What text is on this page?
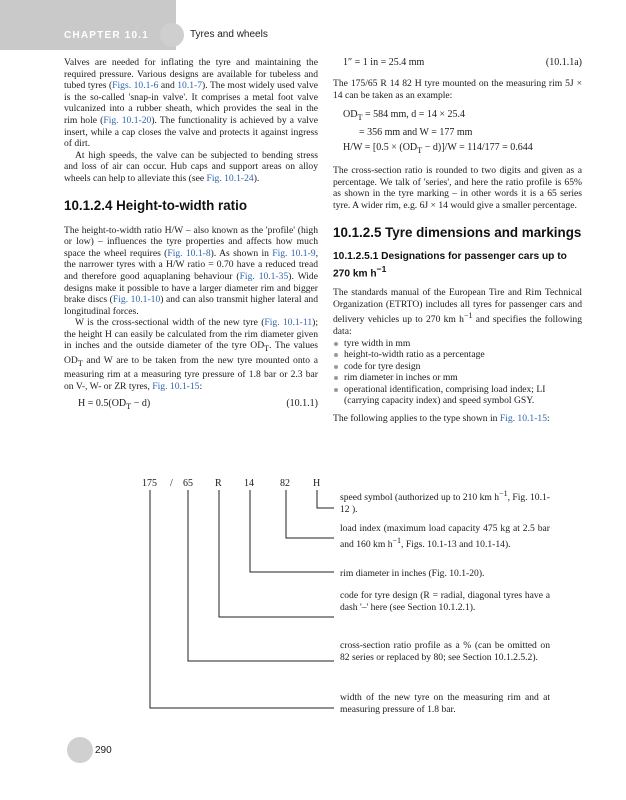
CHAPTER 10.1	Tyres and wheels

Valves are needed for inflating the tyre and maintaining the required pressure. Various designs are available for tubeless and tubed tyres (Figs. 10.1-6 and 10.1-7). The most widely used valve is the so-called 'snap-in valve'. It comprises a metal foot valve vulcanized into a rubber sheath, which provides the seal in the rim hole (Fig. 10.1-20). The functionality is achieved by a valve insert, while a cap closes the valve and protects it against ingress of dirt.

At high speeds, the valve can be subjected to bending stress and loss of air can occur. Hub caps and support areas on alloy wheels can help to alleviate this (see Fig. 10.1-24).

10.1.2.4 Height-to-width ratio

The height-to-width ratio H/W – also known as the 'profile' (high or low) – influences the tyre properties and affects how much space the wheel requires (Fig. 10.1-8). As shown in Fig. 10.1-9, the narrower tyres with a H/W ratio = 0.70 have a reduced tread and therefore good aquaplaning behaviour (Fig. 10.1-35). Wide designs make it possible to have a larger diameter rim and bigger brake discs (Fig. 10.1-10) and can also transmit higher lateral and longitudinal forces.

W is the cross-sectional width of the new tyre (Fig. 10.1-11); the height H can easily be calculated from the rim diameter given in inches and the outside diameter of the tyre $OD_T$. The values $OD_T$ and W are to be taken from the new tyre mounted onto a measuring rim at a measuring tyre pressure of 1.8 bar or 2.3 bar on V-, W- or ZR tyres, Fig. 10.1-15:

$H = 0.5(OD_T - d)$	(10.1.1)
1″ = 1 in = 25.4 mm	(10.1.1a)

The 175/65 R 14 82 H tyre mounted on the measuring rim 5J × 14 can be taken as an example:

$OD_T = 584$ mm, d = 14 × 25.4
= 356 mm and W = 177 mm
$H/W = [0.5 \times (OD_T - d)]/W = 114/177 = 0.644$

The cross-section ratio is rounded to two digits and given as a percentage. We talk of 'series', and here the ratio profile is 65% as shown in the tyre marking – in other words it is a 65 series tyre. A wider rim, e.g. 6J × 14 would give a smaller percentage.

10.1.2.5 Tyre dimensions and markings
10.1.2.5.1 Designations for passenger cars up to 270 km $h^{-1}$

The standards manual of the European Tire and Rim Technical Organization (ETRTO) includes all tyres for passenger cars and delivery vehicles up to 270 km $h^{-1}$ and specifies the following data:

tyre width in mm
height-to-width ratio as a percentage
code for tyre design
rim diameter in inches or mm
operational identification, comprising load index; LI (carrying capacity index) and speed symbol GSY.

The following applies to the type shown in Fig. 10.1-15:

175 / 65 R 14	82 H
speed symbol (authorized up to 210 km $h^{-1}$, Fig. 10.1-12 ).
load index (maximum load capacity 475 kg at 2.5 bar and 160 km $h^{-1}$, Figs. 10.1-13 and 10.1-14).
rim diameter in inches (Fig. 10.1-20).
code for tyre design (R = radial, diagonal tyres have a dash '–' here (see Section 10.1.2.1).
cross-section ratio profile as a % (can be omitted on 82 series or replaced by 80; see Section 10.1.2.5.2).
width of the new tyre on the measuring rim and at measuring pressure of 1.8 bar.
290
